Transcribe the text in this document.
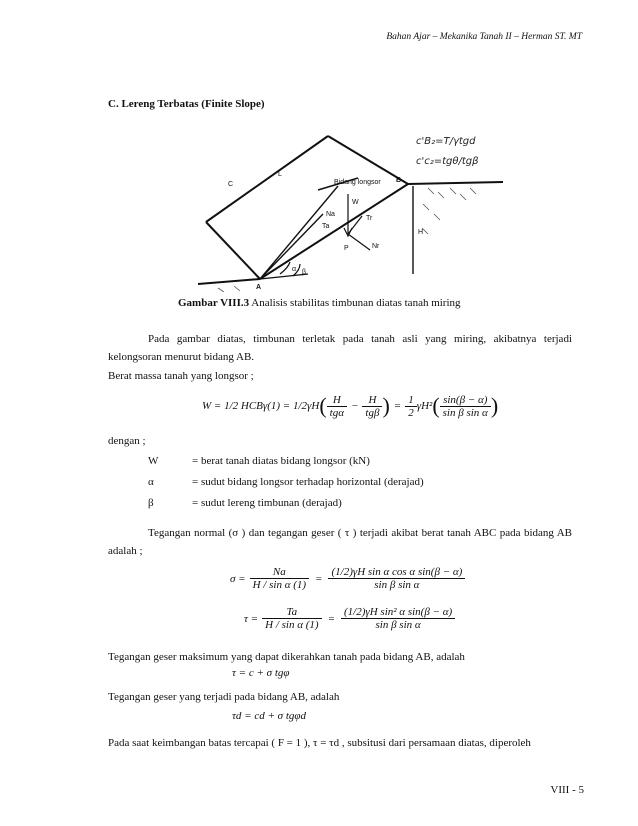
Bahan Ajar – Mekanika Tanah II – Herman ST. MT
C. Lereng Terbatas (Finite Slope)
Bidang longsor B
A
C
H
L
W
Na
Ta
Tr
Nr
P
α β
c'B₂=T/γtgd
c'c₂=tgθ/tgβ
Gambar VIII.3 Analisis stabilitas timbunan diatas tanah miring
Pada gambar diatas, timbunan terletak pada tanah asli yang miring, akibatnya terjadi kelongsoran menurut bidang AB.
Berat massa tanah yang longsor ;
W = 1/2 HCBγ(1) = 1/2γH ( $\frac{H}{\text{tgα}} - \frac{H}{\text{tgβ}}$ ) = $\frac{1}{2} \gamma H^2$ ( $\frac{\sin(\beta - \alpha)}{\text{sin β sin α}}$ )
dengan ;
W	= berat tanah diatas bidang longsor (kN)
α	= sudut bidang longsor terhadap horizontal (derajad)
β	= sudut lereng timbunan (derajad)
Tegangan normal (σ ) dan tegangan geser ( τ ) terjadi akibat berat tanah ABC pada bidang AB adalah ;
$\sigma = \frac{Na}{\text{H / sin α (1)}} = \frac{\text{(1/2)γH sin α cos α sin(β − α)}}{\text{sin β sin α}}$
$\tau = \frac{Ta}{\text{H / sin α (1)}} = \frac{\text{(1/2)γH sin² α sin(β − α)}}{\text{sin β sin α}}$
Tegangan geser maksimum yang dapat dikerahkan tanah pada bidang AB, adalah
τ = c + σ tgφ
Tegangan geser yang terjadi pada bidang AB, adalah
τd = cd + σ tgφd
Pada saat keimbangan batas tercapai ( F = 1 ), τ = τd , subsitusi dari persamaan diatas, diperoleh
VIII - 5
